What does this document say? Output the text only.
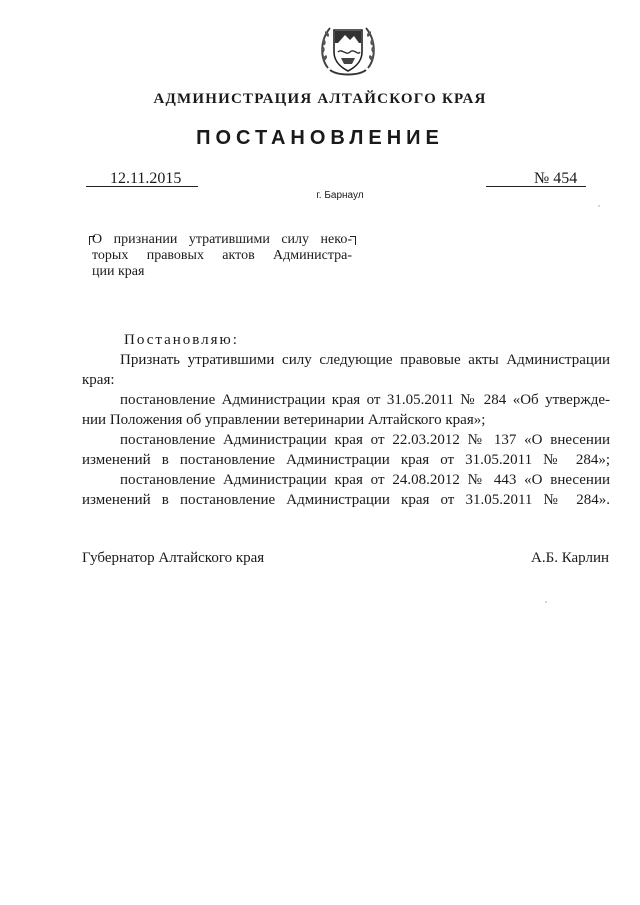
АДМИНИСТРАЦИЯ АЛТАЙСКОГО КРАЯ
ПОСТАНОВЛЕНИЕ
12.11.2015	№ 454
г. Барнаул
О признании утратившими силу неко-
торых правовых актов Администра-
ции края
Постановляю:
Признать утратившими силу следующие правовые акты Администрации
края:
постановление Администрации края от 31.05.2011 № 284 «Об утвержде-
нии Положения об управлении ветеринарии Алтайского края»;
постановление Администрации края от 22.03.2012 № 137 «О внесении
изменений в постановление Администрации края от 31.05.2011 № 284»;
постановление Администрации края от 24.08.2012 № 443 «О внесении
изменений в постановление Администрации края от 31.05.2011 № 284».
Губернатор Алтайского края	А.Б. Карлин
